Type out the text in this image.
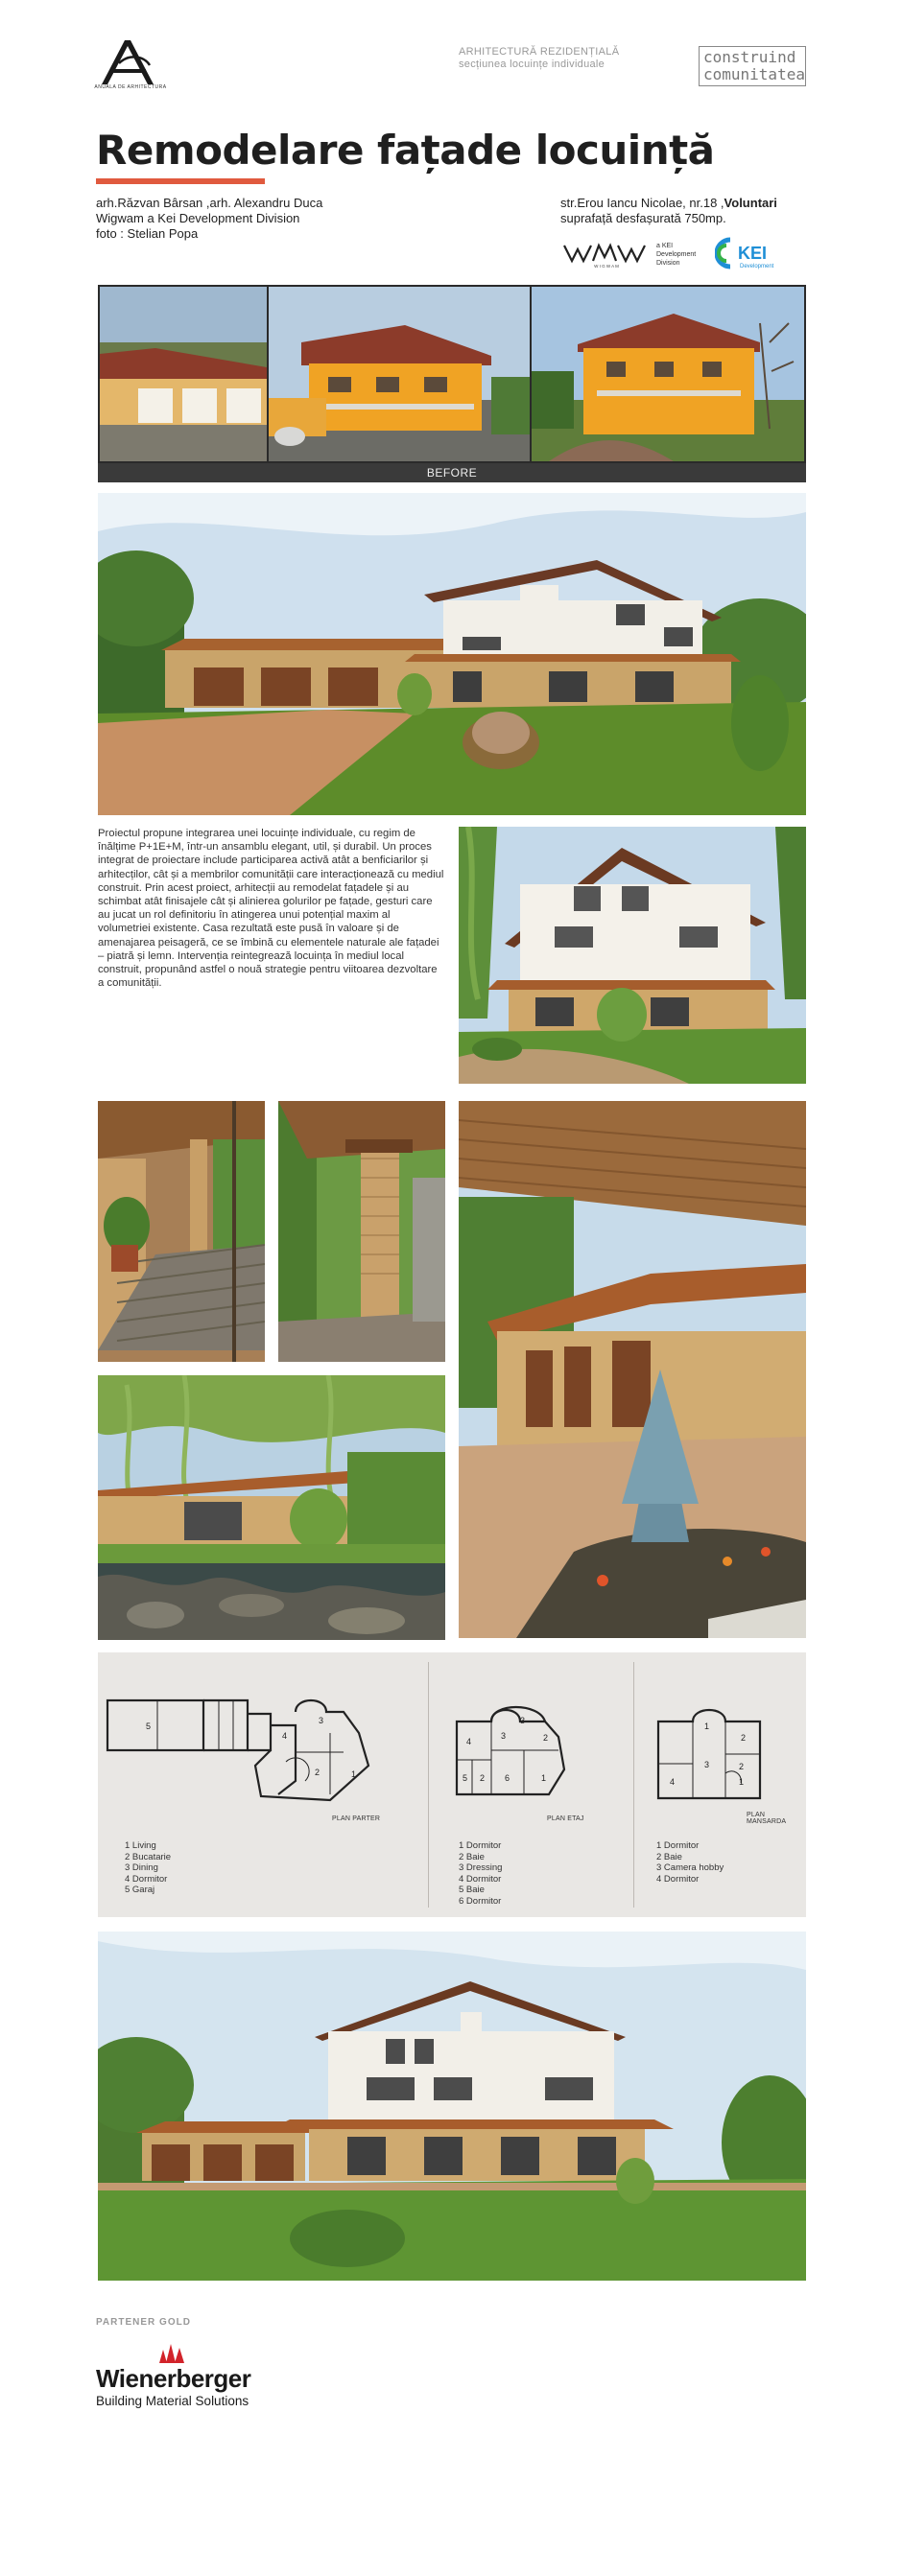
ANUALA DE ARHITECTURA
ARHITECTURĂ REZIDENȚIALĂ
secțiunea locuințe individuale	construind
comunitatea
Remodelare fațade locuință
arh.Răzvan Bârsan ,arh. Alexandru Duca
Wigwam a Kei Development Division
foto : Stelian Popa
str.Erou Iancu Nicolae, nr.18 ,Voluntari
suprafață desfașurată 750mp.
W I G W A M
a KEI
Development
Division
KEI
Development
BEFORE
Proiectul propune integrarea unei locuințe individuale, cu regim de înălțime P+1E+M, într-un ansamblu elegant, util, și durabil. Un proces integrat de proiectare include participarea activă atât a benficiarilor și arhitecților, cât și a membrilor comunității care interacționează cu mediul construit. Prin acest proiect, arhitecții au remodelat fațadele și au schimbat atât finisajele cât și alinierea golurilor pe fațade, gesturi care au jucat un rol definitoriu în atingerea unui potențial maxim al volumetriei existente. Casa rezultată este pusă în valoare și de amenajarea peisageră, ce se îmbină cu elementele naturale ale fațadei – piatră și lemn. Intervenția reintegrează locuința în mediul local construit, propunând astfel o nouă strategie pentru viitoarea dezvoltare a comunității.
5
4
3
2	1
PLAN PARTER
1 Living
2 Bucatarie
3 Dining
4 Dormitor
5 Garaj
4
3
3
2
5 2 6	1
PLAN ETAJ
1 Dormitor
2 Baie
3 Dressing
4 Dormitor
5 Baie
6 Dormitor
1
2
3
4	1
2
PLAN MANSARDA
1 Dormitor
2 Baie
3 Camera hobby
4 Dormitor
PARTENER GOLD
Wienerberger
Building Material Solutions
